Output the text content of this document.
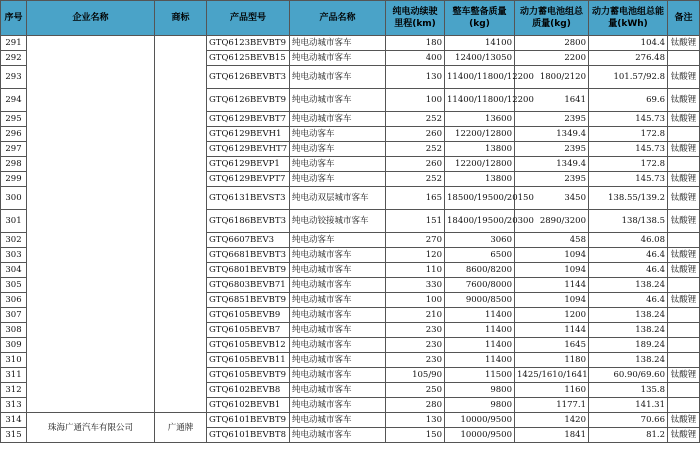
序号	企业名称	商标	产品型号	产品名称	纯电动续驶里程(km)	整车整备质量(kg)	动力蓄电池组总质量(kg)	动力蓄电池组总能量(kWh)	备注
291			GTQ6123BEVBT9	纯电动城市客车	180	14100	2800	104.4	钛酸锂
292			GTQ6125BEVB15	纯电动城市客车	400	12400/13050	2200	276.48	
293			GTQ6126BEVBT3	纯电动城市客车	130	11400/11800/12200	1800/2120	101.57/92.8	钛酸锂
294			GTQ6126BEVBT9	纯电动城市客车	100	11400/11800/12200	1641	69.6	钛酸锂
295			GTQ6129BEVBT7	纯电动城市客车	252	13600	2395	145.73	钛酸锂
296			GTQ6129BEVH1	纯电动客车	260	12200/12800	1349.4	172.8	
297			GTQ6129BEVHT7	纯电动客车	252	13800	2395	145.73	钛酸锂
298			GTQ6129BEVP1	纯电动客车	260	12200/12800	1349.4	172.8	
299			GTQ6129BEVPT7	纯电动客车	252	13800	2395	145.73	钛酸锂
300			GTQ6131BEVST3	纯电动双层城市客车	165	18500/19500/20150	3450	138.55/139.2	钛酸锂
301			GTQ6186BEVBT3	纯电动铰接城市客车	151	18400/19500/20300	2890/3200	138/138.5	钛酸锂
302			GTQ6607BEV3	纯电动客车	270	3060	458	46.08	
303			GTQ6681BEVBT3	纯电动城市客车	120	6500	1094	46.4	钛酸锂
304			GTQ6801BEVBT9	纯电动城市客车	110	8600/8200	1094	46.4	钛酸锂
305			GTQ6803BEVB71	纯电动城市客车	330	7600/8000	1144	138.24	
306			GTQ6851BEVBT9	纯电动城市客车	100	9000/8500	1094	46.4	钛酸锂
307			GTQ6105BEVB9	纯电动城市客车	210	11400	1200	138.24	
308			GTQ6105BEVB7	纯电动城市客车	230	11400	1144	138.24	
309			GTQ6105BEVB12	纯电动城市客车	230	11400	1645	189.24	
310			GTQ6105BEVB11	纯电动城市客车	230	11400	1180	138.24	
311			GTQ6105BEVBT9	纯电动城市客车	105/90	11500	1425/1610/1641	60.90/69.60	钛酸锂
312			GTQ6102BEVB8	纯电动城市客车	250	9800	1160	135.8	
313			GTQ6102BEVB1	纯电动城市客车	280	9800	1177.1	141.31	
314	珠海广通汽车有限公司	广通牌	GTQ6101BEVBT9	纯电动城市客车	130	10000/9500	1420	70.66	钛酸锂
315			GTQ6101BEVBT8	纯电动城市客车	150	10000/9500	1841	81.2	钛酸锂
